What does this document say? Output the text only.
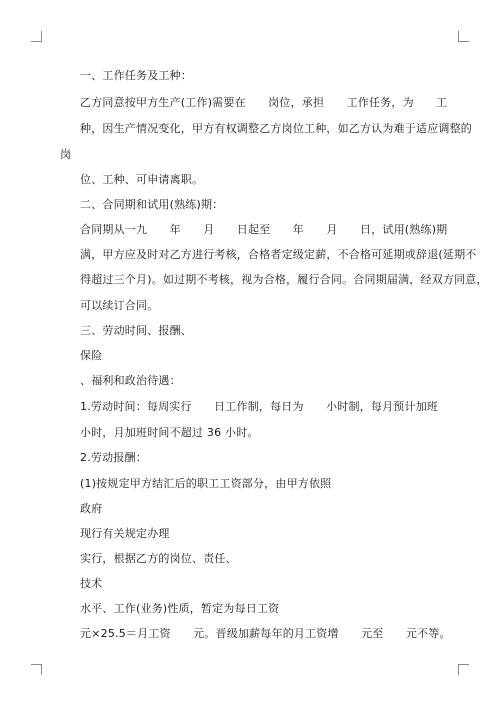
一、工作任务及工种：
乙方同意按甲方生产(工作)需要在　　岗位，承担　　工作任务，为　　工
种，因生产情况变化，甲方有权调整乙方岗位工种，如乙方认为难于适应调整的
岗
位、工种、可申请离职。
二、合同期和试用(熟练)期：
合同期从一九　　年　　月　　日起至　　年　　月　　日，试用(熟练)期
满，甲方应及时对乙方进行考核，合格者定级定薪，不合格可延期或辞退(延期不
得超过三个月)。如过期不考核，视为合格，履行合同。合同期届满，经双方同意，
可以续订合同。
三、劳动时间、报酬、
保险
、福利和政治待遇：
1.劳动时间：每周实行　　日工作制，每日为　　小时制，每月预计加班
小时，月加班时间不超过 36 小时。
2.劳动报酬：
(1)按规定甲方结汇后的职工工资部分，由甲方依照
政府
现行有关规定办理
实行，根据乙方的岗位、责任、
技术
水平、工作(业务)性质，暂定为每日工资
元×25.5＝月工资　　元。晋级加薪每年的月工资增　　元至　　元不等。
